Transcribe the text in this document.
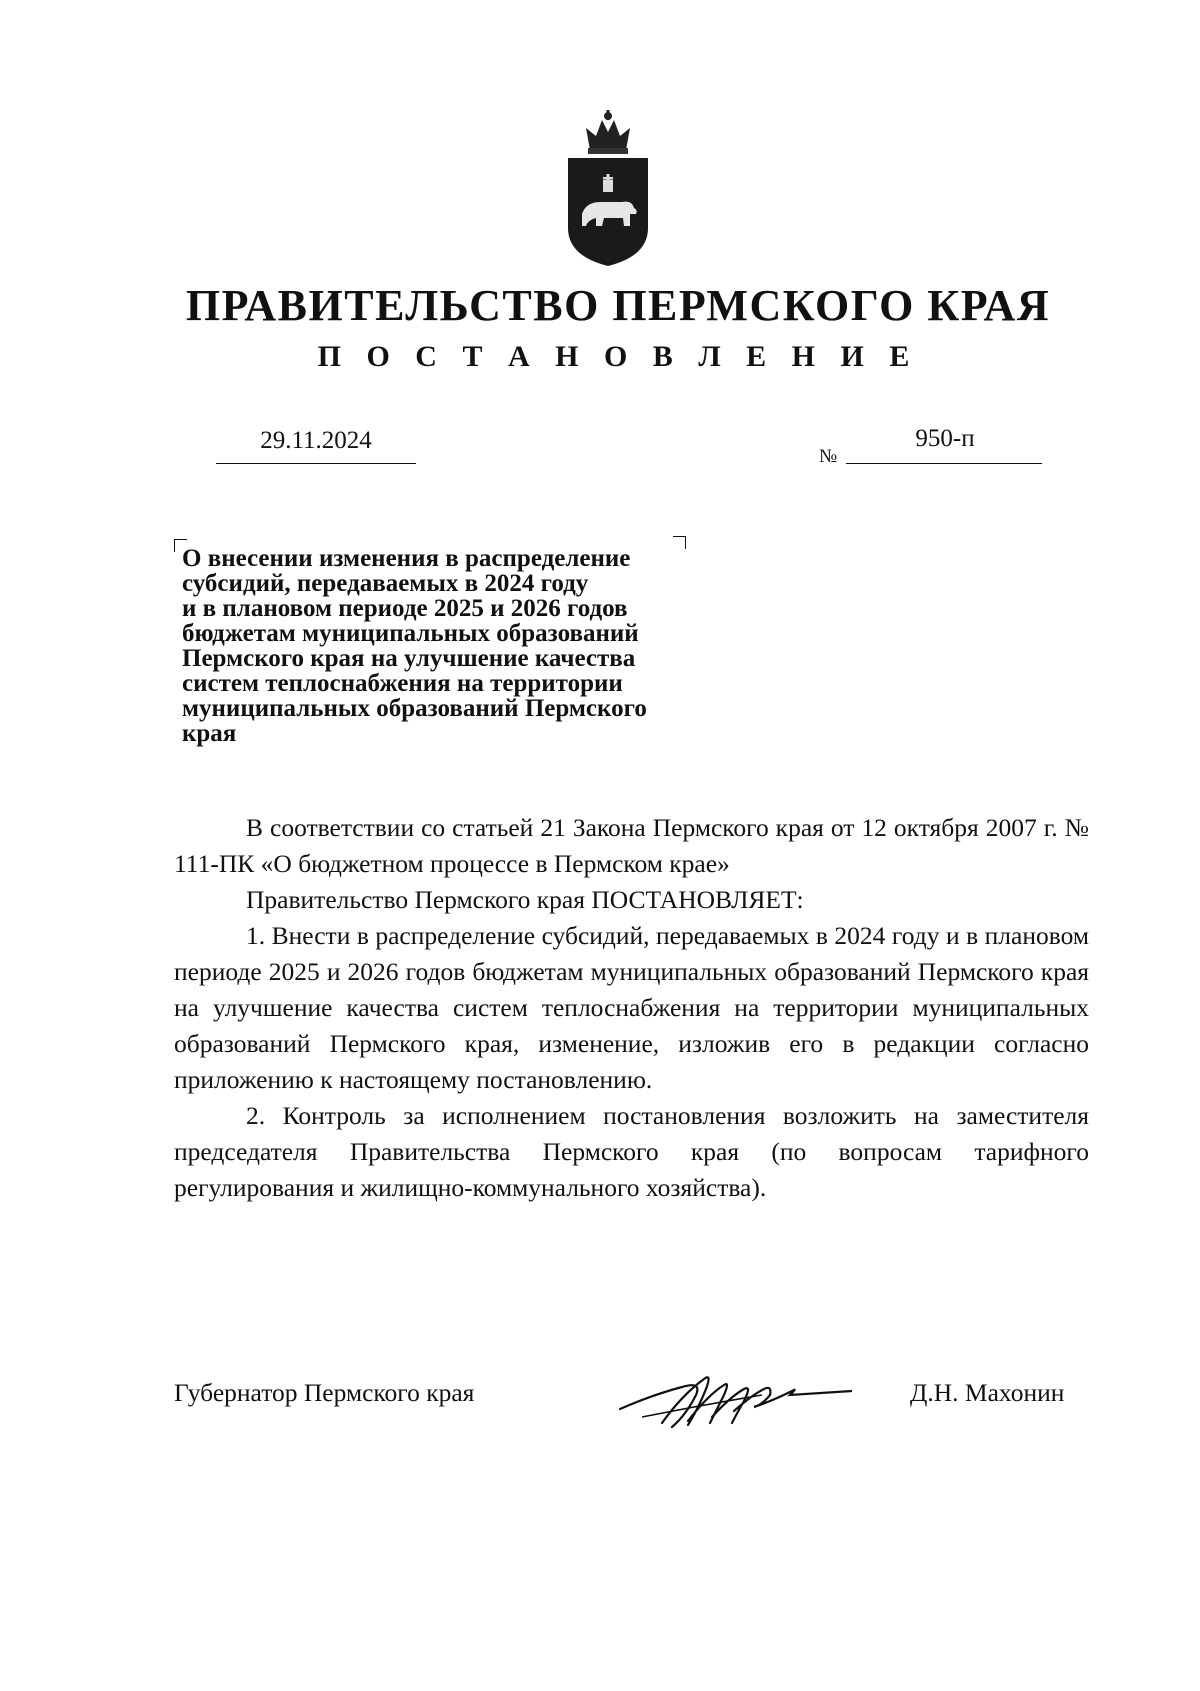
ПРАВИТЕЛЬСТВО ПЕРМСКОГО КРАЯ
П О С Т А Н О В Л Е Н И Е
29.11.2024
№
950-п
О внесении изменения в распределение
субсидий, передаваемых в 2024 году
и в плановом периоде 2025 и 2026 годов
бюджетам муниципальных образований
Пермского края на улучшение качества
систем теплоснабжения на территории
муниципальных образований Пермского
края

В соответствии со статьей 21 Закона Пермского края от 12 октября 2007 г. № 111-ПК «О бюджетном процессе в Пермском крае»

Правительство Пермского края ПОСТАНОВЛЯЕТ:

1. Внести в распределение субсидий, передаваемых в 2024 году и в плановом периоде 2025 и 2026 годов бюджетам муниципальных образований Пермского края на улучшение качества систем теплоснабжения на территории муниципальных образований Пермского края, изменение, изложив его в редакции согласно приложению к настоящему постановлению.

2. Контроль за исполнением постановления возложить на заместителя председателя Правительства Пермского края (по вопросам тарифного регулирования и жилищно-коммунального хозяйства).

Губернатор Пермского края	Д.Н. Махонин
